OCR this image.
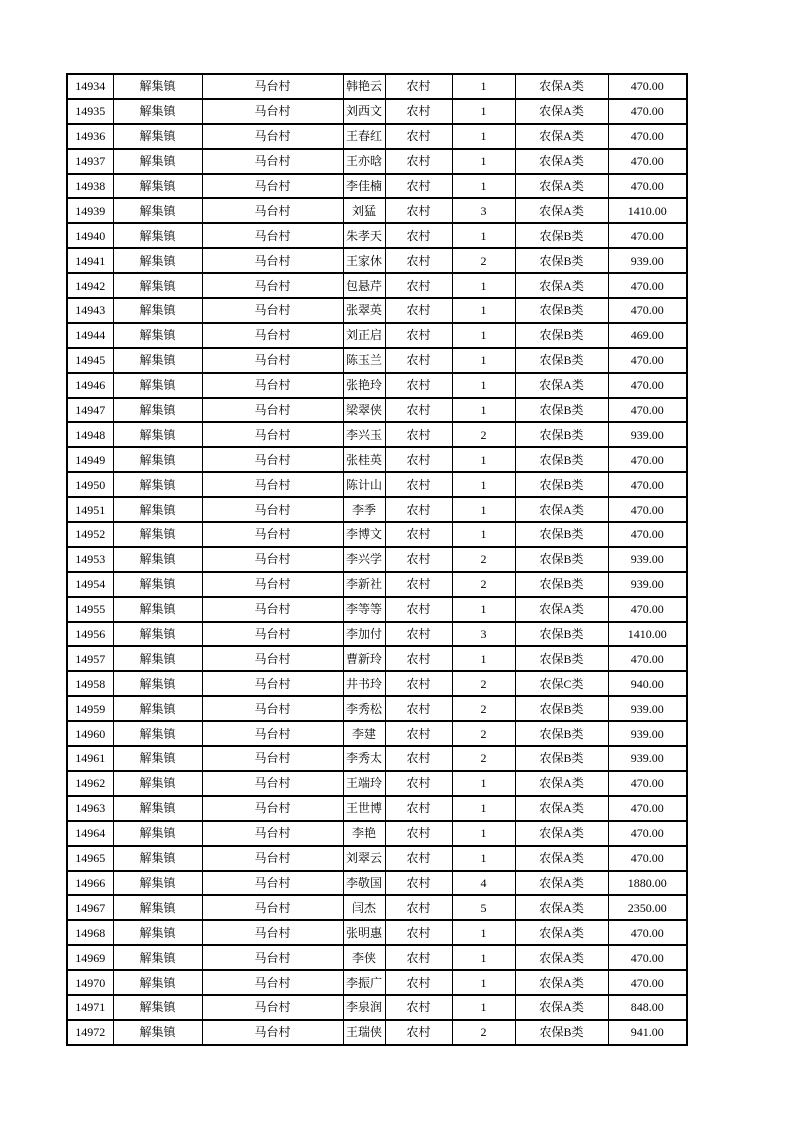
14934	解集镇	马台村	韩艳云	农村	1	农保A类	470.00
14935	解集镇	马台村	刘西文	农村	1	农保A类	470.00
14936	解集镇	马台村	王春红	农村	1	农保A类	470.00
14937	解集镇	马台村	王亦晗	农村	1	农保A类	470.00
14938	解集镇	马台村	李佳楠	农村	1	农保A类	470.00
14939	解集镇	马台村	刘猛	农村	3	农保A类	1410.00
14940	解集镇	马台村	朱孝天	农村	1	农保B类	470.00
14941	解集镇	马台村	王家休	农村	2	农保B类	939.00
14942	解集镇	马台村	包悬芹	农村	1	农保A类	470.00
14943	解集镇	马台村	张翠英	农村	1	农保B类	470.00
14944	解集镇	马台村	刘正启	农村	1	农保B类	469.00
14945	解集镇	马台村	陈玉兰	农村	1	农保B类	470.00
14946	解集镇	马台村	张艳玲	农村	1	农保A类	470.00
14947	解集镇	马台村	梁翠侠	农村	1	农保B类	470.00
14948	解集镇	马台村	李兴玉	农村	2	农保B类	939.00
14949	解集镇	马台村	张桂英	农村	1	农保B类	470.00
14950	解集镇	马台村	陈计山	农村	1	农保B类	470.00
14951	解集镇	马台村	李季	农村	1	农保A类	470.00
14952	解集镇	马台村	李博文	农村	1	农保B类	470.00
14953	解集镇	马台村	李兴学	农村	2	农保B类	939.00
14954	解集镇	马台村	李新社	农村	2	农保B类	939.00
14955	解集镇	马台村	李等等	农村	1	农保A类	470.00
14956	解集镇	马台村	李加付	农村	3	农保B类	1410.00
14957	解集镇	马台村	曹新玲	农村	1	农保B类	470.00
14958	解集镇	马台村	井书玲	农村	2	农保C类	940.00
14959	解集镇	马台村	李秀松	农村	2	农保B类	939.00
14960	解集镇	马台村	李建	农村	2	农保B类	939.00
14961	解集镇	马台村	李秀太	农村	2	农保B类	939.00
14962	解集镇	马台村	王端玲	农村	1	农保A类	470.00
14963	解集镇	马台村	王世博	农村	1	农保A类	470.00
14964	解集镇	马台村	李艳	农村	1	农保A类	470.00
14965	解集镇	马台村	刘翠云	农村	1	农保A类	470.00
14966	解集镇	马台村	李敬国	农村	4	农保A类	1880.00
14967	解集镇	马台村	闫杰	农村	5	农保A类	2350.00
14968	解集镇	马台村	张明惠	农村	1	农保A类	470.00
14969	解集镇	马台村	李侠	农村	1	农保A类	470.00
14970	解集镇	马台村	李振广	农村	1	农保A类	470.00
14971	解集镇	马台村	李泉润	农村	1	农保A类	848.00
14972	解集镇	马台村	王瑞侠	农村	2	农保B类	941.00
